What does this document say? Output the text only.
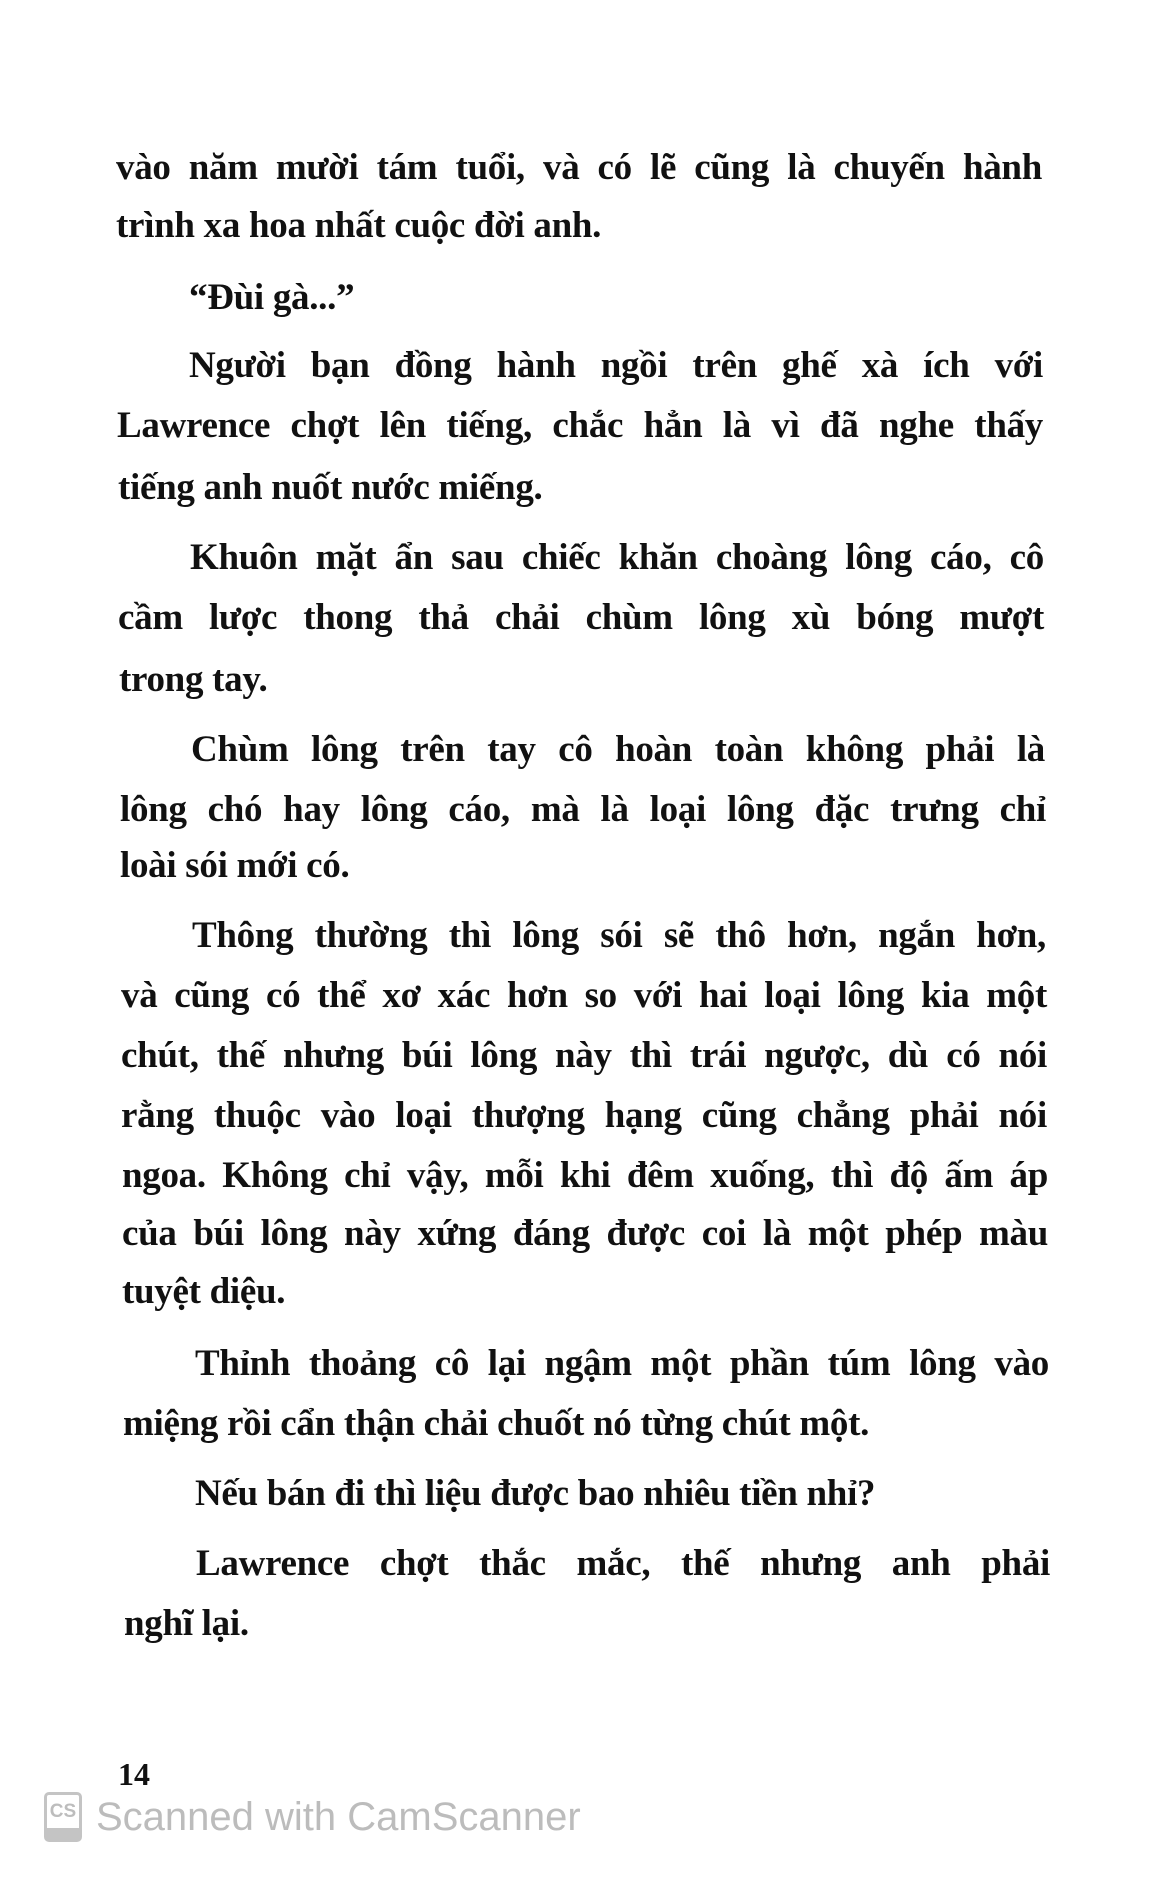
vào năm mười tám tuổi, và có lẽ cũng là chuyến hành
trình xa hoa nhất cuộc đời anh.
“Đùi gà...”
Người bạn đồng hành ngồi trên ghế xà ích với
Lawrence chợt lên tiếng, chắc hẳn là vì đã nghe thấy
tiếng anh nuốt nước miếng.
Khuôn mặt ẩn sau chiếc khăn choàng lông cáo, cô
cầm lược thong thả chải chùm lông xù bóng mượt
trong tay.
Chùm lông trên tay cô hoàn toàn không phải là
lông chó hay lông cáo, mà là loại lông đặc trưng chỉ
loài sói mới có.
Thông thường thì lông sói sẽ thô hơn, ngắn hơn,
và cũng có thể xơ xác hơn so với hai loại lông kia một
chút, thế nhưng búi lông này thì trái ngược, dù có nói
rằng thuộc vào loại thượng hạng cũng chẳng phải nói
ngoa. Không chỉ vậy, mỗi khi đêm xuống, thì độ ấm áp
của búi lông này xứng đáng được coi là một phép màu
tuyệt diệu.
Thỉnh thoảng cô lại ngậm một phần túm lông vào
miệng rồi cẩn thận chải chuốt nó từng chút một.
Nếu bán đi thì liệu được bao nhiêu tiền nhỉ?
Lawrence chợt thắc mắc, thế nhưng anh phải
nghĩ lại.
14
CS Scanned with CamScanner
